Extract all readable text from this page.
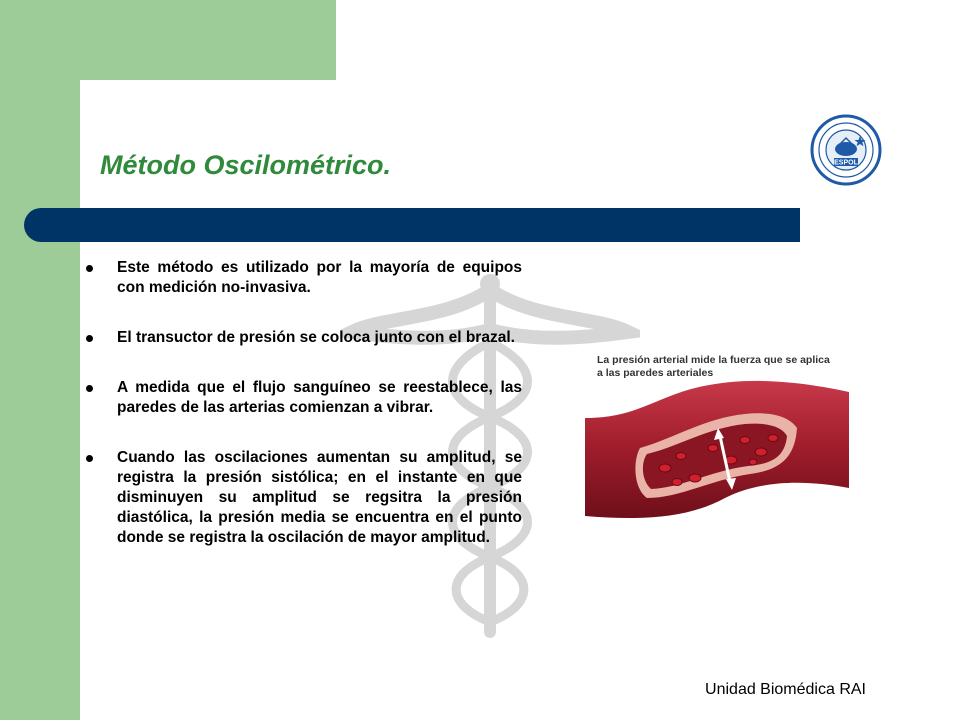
Método Oscilométrico.	ESPOL
Este método es utilizado por la mayoría de equipos con medición no-invasiva.
El transuctor de presión se coloca junto con el brazal.
A medida que el flujo sanguíneo se reestablece, las paredes de las arterias comienzan a vibrar.
Cuando las oscilaciones aumentan su amplitud, se registra la presión sistólica; en el instante en que disminuyen su amplitud se regsitra la presión diastólica, la presión media se encuentra en el punto donde se registra la oscilación de mayor amplitud.
La presión arterial mide la fuerza que se aplica a las paredes arteriales
Unidad Biomédica RAI
